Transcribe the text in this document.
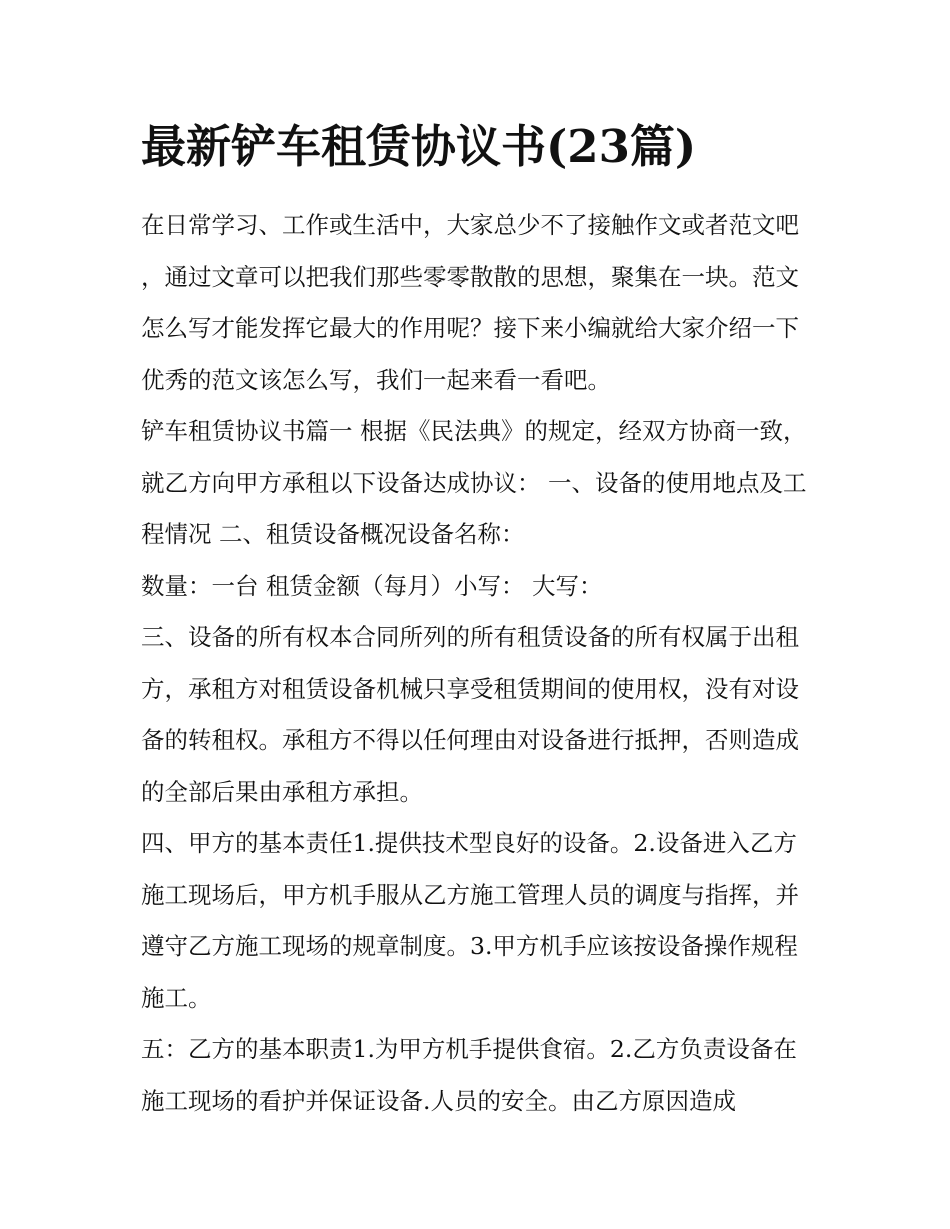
最新铲车租赁协议书(23篇)

在日常学习、工作或生活中，大家总少不了接触作文或者范文吧，通过文章可以把我们那些零零散散的思想，聚集在一块。范文怎么写才能发挥它最大的作用呢？接下来小编就给大家介绍一下优秀的范文该怎么写，我们一起来看一看吧。

铲车租赁协议书篇一 根据《民法典》的规定，经双方协商一致，就乙方向甲方承租以下设备达成协议： 一、设备的使用地点及工程情况 二、租赁设备概况设备名称：

数量：一台 租赁金额（每月）小写： 大写：

三、设备的所有权本合同所列的所有租赁设备的所有权属于出租方，承租方对租赁设备机械只享受租赁期间的使用权，没有对设备的转租权。承租方不得以任何理由对设备进行抵押，否则造成的全部后果由承租方承担。

四、甲方的基本责任1.提供技术型良好的设备。2.设备进入乙方施工现场后，甲方机手服从乙方施工管理人员的调度与指挥，并遵守乙方施工现场的规章制度。3.甲方机手应该按设备操作规程施工。

五：乙方的基本职责1.为甲方机手提供食宿。2.乙方负责设备在施工现场的看护并保证设备.人员的安全。由乙方原因造成
